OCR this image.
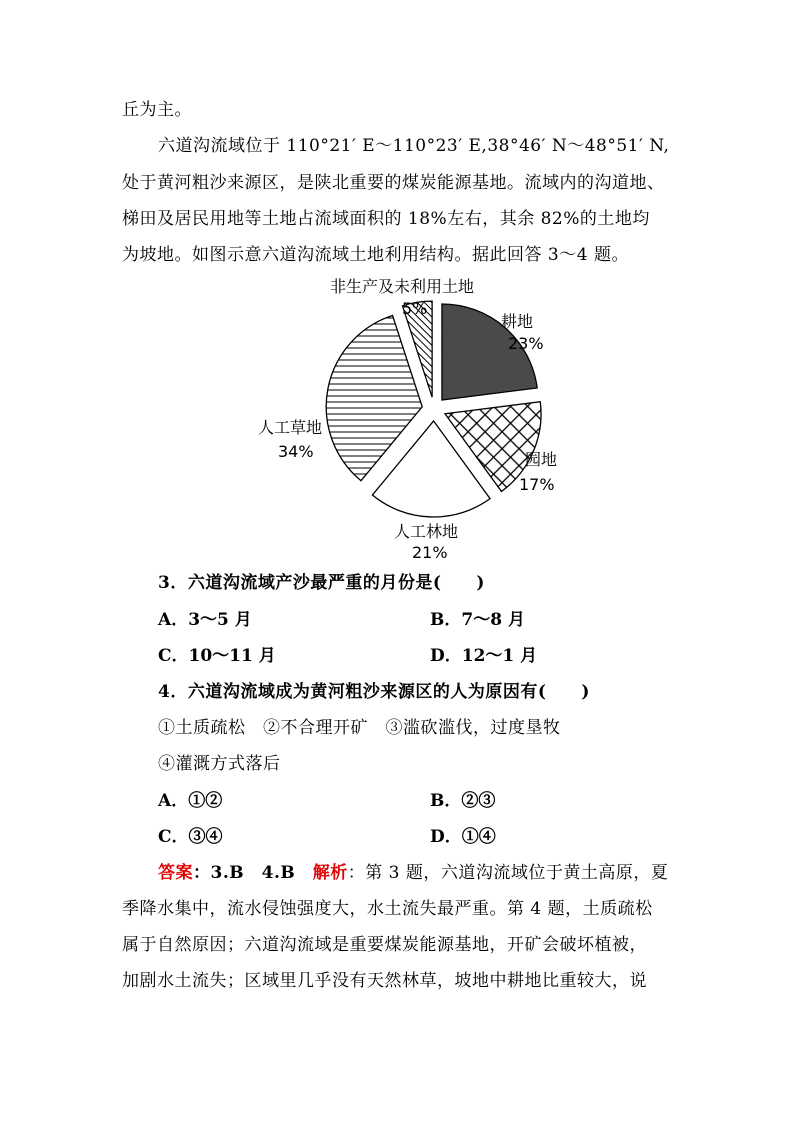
丘为主。
六道沟流域位于 110°21′ E～110°23′ E,38°46′ N～48°51′ N,
处于黄河粗沙来源区，是陕北重要的煤炭能源基地。流域内的沟道地、
梯田及居民用地等土地占流域面积的 18%左右，其余 82%的土地均
为坡地。如图示意六道沟流域土地利用结构。据此回答 3～4 题。
非生产及未利用土地
5%
耕地
23%
人工草地
34%	园地
17%
人工林地
21%
3．六道沟流域产沙最严重的月份是(　　)
A．3～5 月	B．7～8 月
C．10～11 月	D．12～1 月
4．六道沟流域成为黄河粗沙来源区的人为原因有(　　)
①土质疏松　②不合理开矿　③滥砍滥伐，过度垦牧
④灌溉方式落后
A．①②	B．②③
C．③④	D．①④
答案：3.B　4.B　解析：第 3 题，六道沟流域位于黄土高原，夏
季降水集中，流水侵蚀强度大，水土流失最严重。第 4 题，土质疏松
属于自然原因；六道沟流域是重要煤炭能源基地，开矿会破坏植被，
加剧水土流失；区域里几乎没有天然林草，坡地中耕地比重较大，说
